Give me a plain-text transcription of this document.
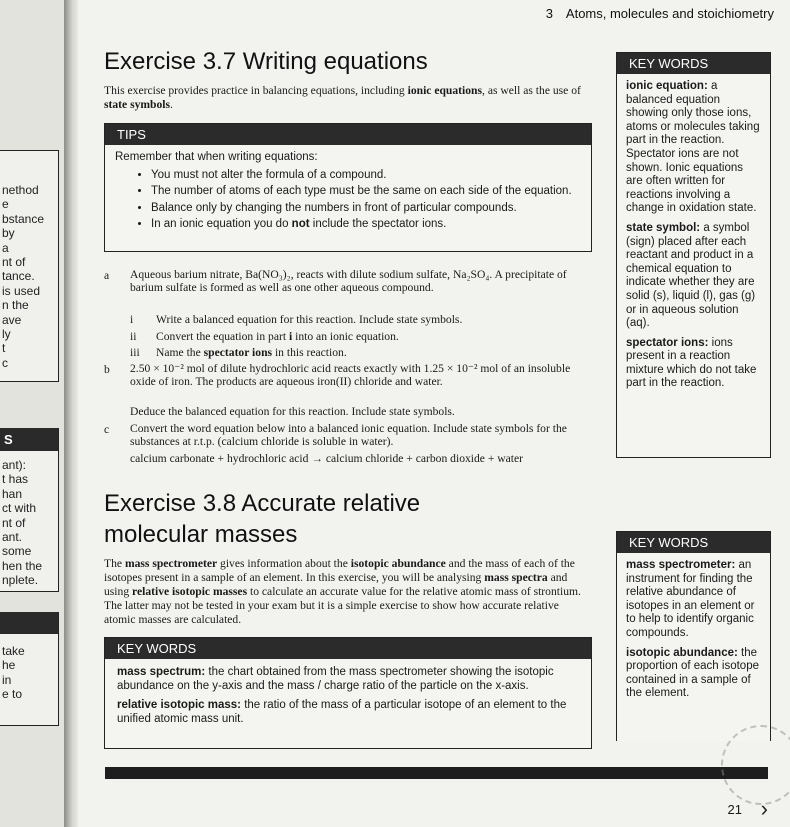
nethod
e
bstance
by
a
nt of
tance.
is used
n the
ave
ly
t
c
S
ant):
t has
han
ct with
nt of
ant.
some
hen the
nplete.
take
he
in
e to
3 Atoms, molecules and stoichiometry
Exercise 3.7 Writing equations
This exercise provides practice in balancing equations, including ionic equations, as well as the use of state symbols.
TIPS
Remember that when writing equations:
• You must not alter the formula of a compound.
• The number of atoms of each type must be the same on each side of the equation.
• Balance only by changing the numbers in front of particular compounds.
• In an ionic equation you do not include the spectator ions.
a Aqueous barium nitrate, Ba(NO₃)₂, reacts with dilute sodium sulfate, Na₂SO₄. A precipitate of barium sulfate is formed as well as one other aqueous compound.
i Write a balanced equation for this reaction. Include state symbols.
ii Convert the equation in part i into an ionic equation.
iii Name the spectator ions in this reaction.
b 2.50 × 10⁻² mol of dilute hydrochloric acid reacts exactly with 1.25 × 10⁻² mol of an insoluble oxide of iron. The products are aqueous iron(II) chloride and water.
Deduce the balanced equation for this reaction. Include state symbols.
c Convert the word equation below into a balanced ionic equation. Include state symbols for the substances at r.t.p. (calcium chloride is soluble in water).
calcium carbonate + hydrochloric acid → calcium chloride + carbon dioxide + water
KEY WORDS

ionic equation: a balanced equation showing only those ions, atoms or molecules taking part in the reaction. Spectator ions are not shown. Ionic equations are often written for reactions involving a change in oxidation state.

state symbol: a symbol (sign) placed after each reactant and product in a chemical equation to indicate whether they are solid (s), liquid (l), gas (g) or in aqueous solution (aq).

spectator ions: ions present in a reaction mixture which do not take part in the reaction.

Exercise 3.8 Accurate relative
molecular masses
The mass spectrometer gives information about the isotopic abundance and the mass of each of the isotopes present in a sample of an element. In this exercise, you will be analysing mass spectra and using relative isotopic masses to calculate an accurate value for the relative atomic mass of strontium. The latter may not be tested in your exam but it is a simple exercise to show how accurate relative atomic masses are calculated.
KEY WORDS

mass spectrum: the chart obtained from the mass spectrometer showing the isotopic abundance on the y-axis and the mass / charge ratio of the particle on the x-axis.

relative isotopic mass: the ratio of the mass of a particular isotope of an element to the unified atomic mass unit.

KEY WORDS

mass spectrometer: an instrument for finding the relative abundance of isotopes in an element or to help to identify organic compounds.

isotopic abundance: the proportion of each isotope contained in a sample of the element.

21 ›
